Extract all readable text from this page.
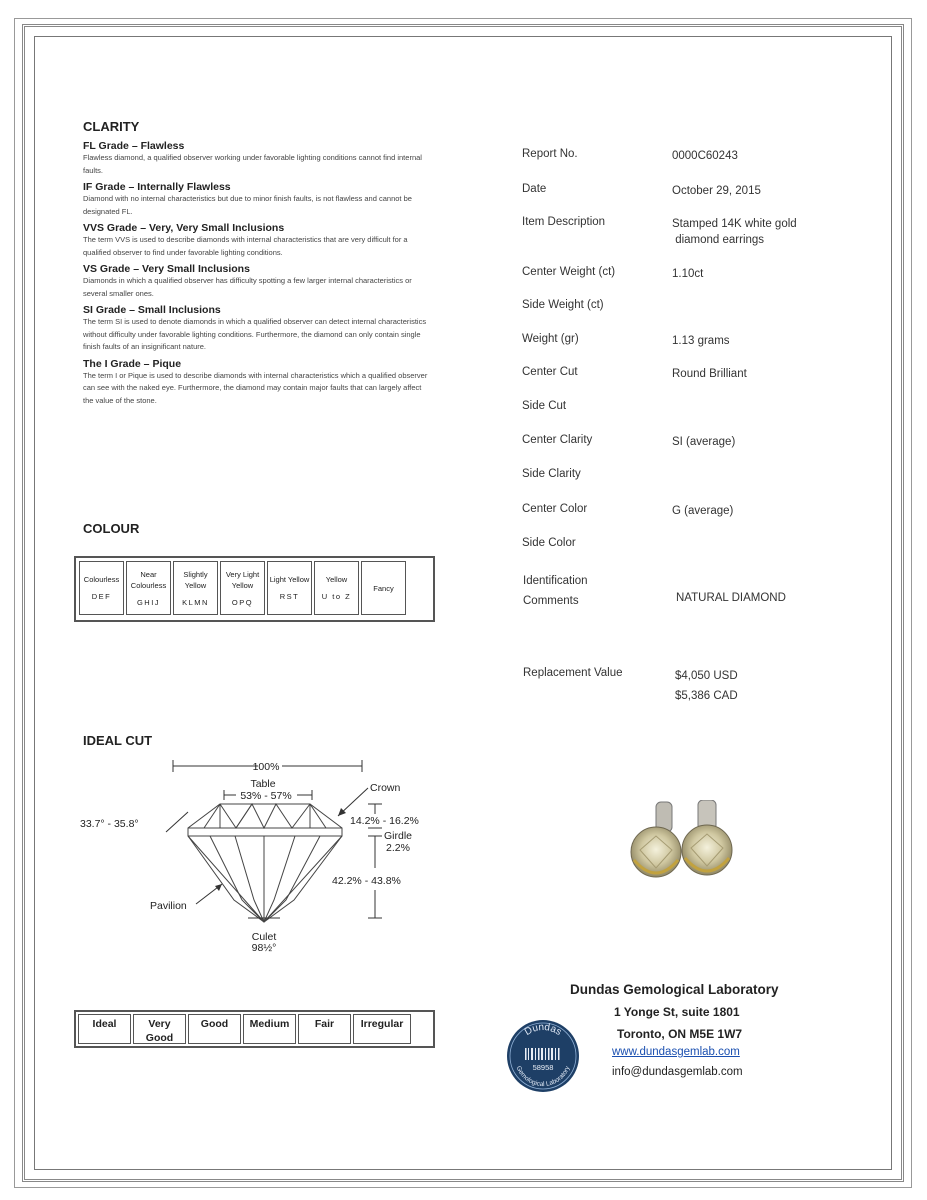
CLARITY
FL Grade – Flawless
Flawless diamond, a qualified observer working under favorable lighting conditions cannot find internal faults.
IF Grade – Internally Flawless
Diamond with no internal characteristics but due to minor finish faults, is not flawless and cannot be designated FL.
VVS Grade – Very, Very Small Inclusions
The term VVS is used to describe diamonds with internal characteristics that are very difficult for a qualified observer to find under favorable lighting conditions.
VS Grade – Very Small Inclusions
Diamonds in which a qualified observer has difficulty spotting a few larger internal characteristics or several smaller ones.
SI Grade – Small Inclusions
The term SI is used to denote diamonds in which a qualified observer can detect internal characteristics without difficulty under favorable lighting conditions. Furthermore, the diamond can only contain single finish faults of an insignificant nature.
The I Grade – Pique
The term I or Pique is used to describe diamonds with internal characteristics which a qualified observer can see with the naked eye. Furthermore, the diamond may contain major faults that can largely affect the value of the stone.
COLOUR
Colourless
DEF
Near Colourless
GHIJ
Slightly Yellow
KLMN
Very Light Yellow
OPQ
Light Yellow
RST
Yellow
U to Z
Fancy
IDEAL CUT
100%
Table
53% - 57%
Crown
33.7° - 35.8°	14.2% - 16.2%
Girdle
2.2%
42.2% - 43.8%
Pavilion
Culet
98½°
Ideal	Very Good
Good	Medium	Fair	Irregular
Report No.	0000C60243
Date	October 29, 2015
Item Description	Stamped 14K white gold
diamond earrings
Center Weight (ct)	1.10ct
Side Weight (ct)
Weight (gr)	1.13 grams
Center Cut	Round Brilliant
Side Cut
Center Clarity	SI (average)
Side Clarity
Center Color	G (average)
Side Color
Identification
Comments	NATURAL DIAMOND
Replacement Value	$4,050 USD
$5,386 CAD
Dundas Gemological Laboratory
1 Yonge St, suite 1801
Toronto, ON M5E 1W7
www.dundasgemlab.com
info@dundasgemlab.com
Dundas
58958
Gemological Laboratory
